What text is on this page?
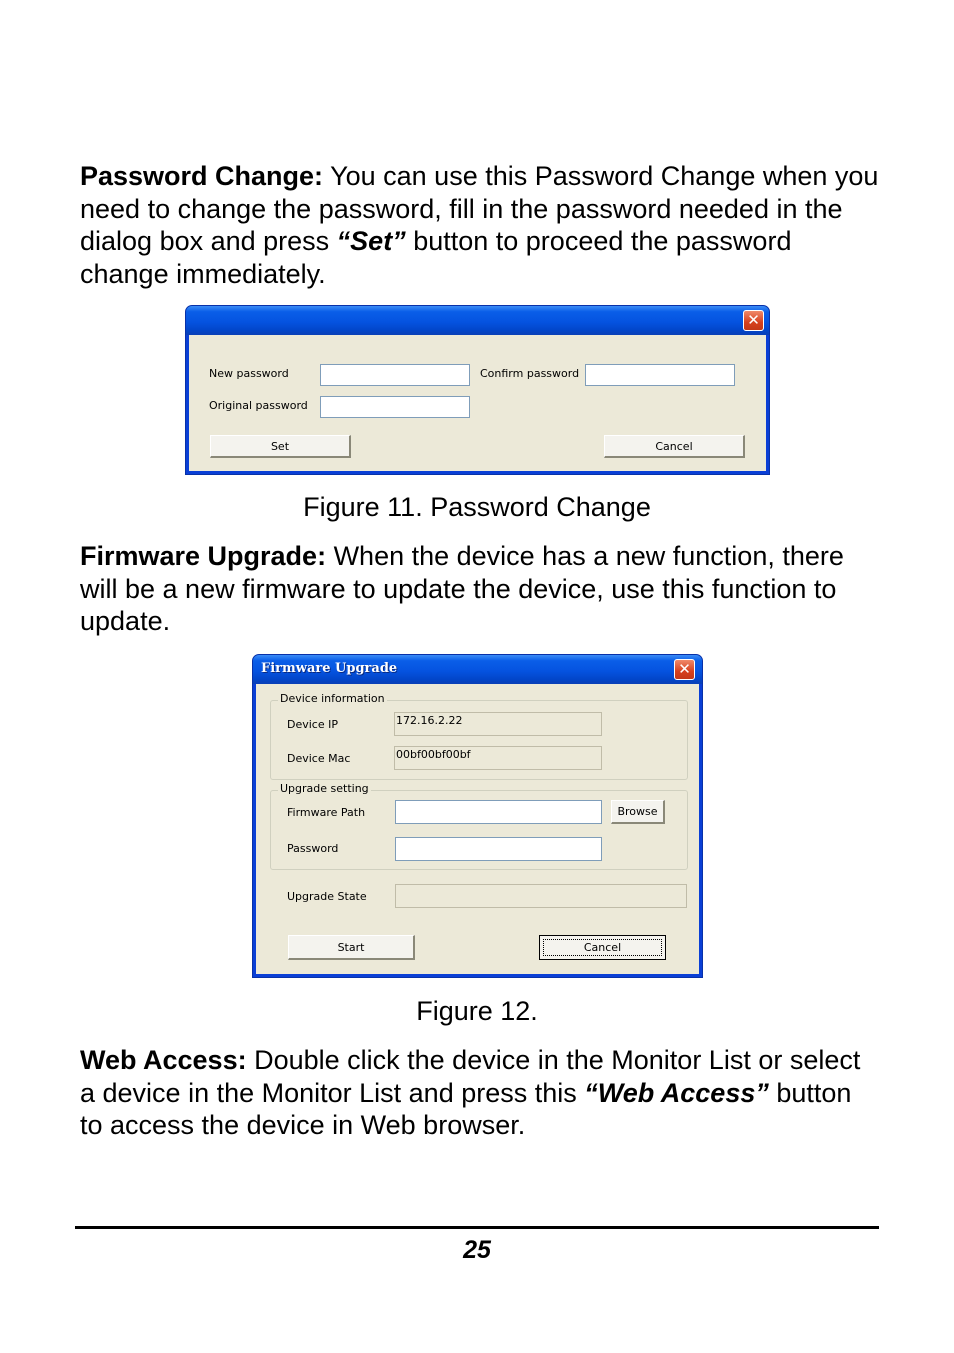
Password Change: You can use this Password Change when you need to change the password, fill in the password needed in the dialog box and press “Set” button to proceed the password change immediately.

✕
New password	Confirm password
Original password
Set	Cancel
Figure 11. Password Change

Firmware Upgrade: When the device has a new function, there will be a new firmware to update the device, use this function to update.

Firmware Upgrade	✕
Device information
Device IP	172.16.2.22
Device Mac	00bf00bf00bf
Upgrade setting
Firmware Path	Browse
Password
Upgrade State
Start	Cancel
Figure 12.

Web Access: Double click the device in the Monitor List or select a device in the Monitor List and press this “Web Access” button to access the device in Web browser.

25
